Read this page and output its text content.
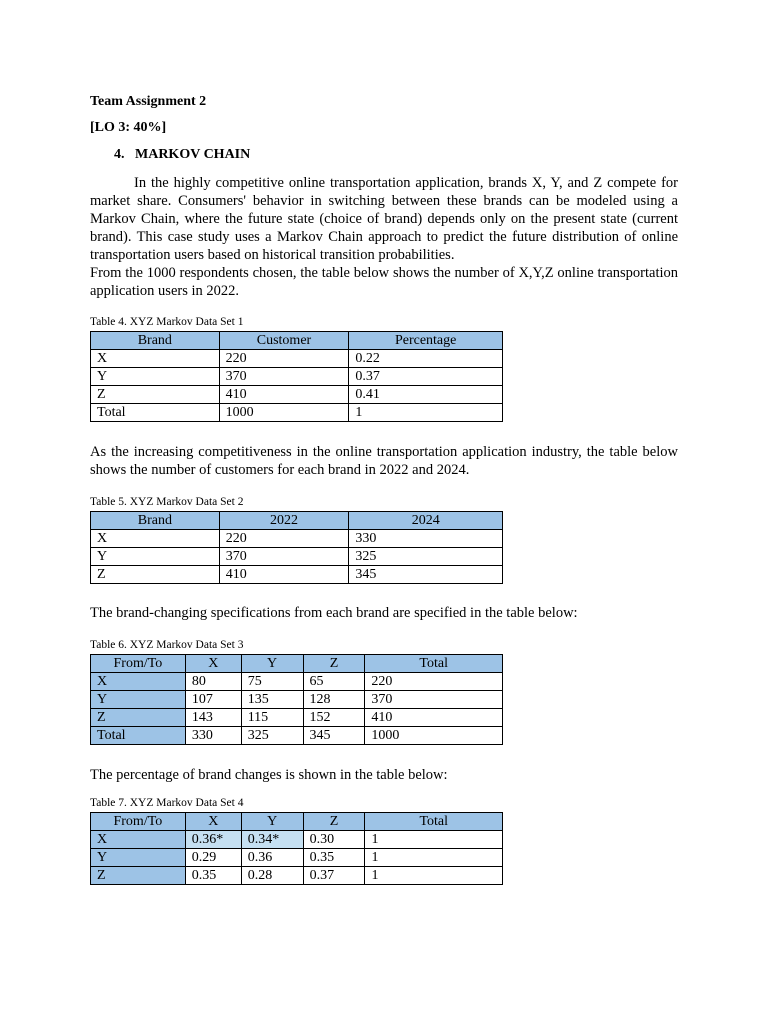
Team Assignment 2
[LO 3: 40%]
4. MARKOV CHAIN
In the highly competitive online transportation application, brands X, Y, and Z compete for market share. Consumers' behavior in switching between these brands can be modeled using a Markov Chain, where the future state (choice of brand) depends only on the present state (current brand). This case study uses a Markov Chain approach to predict the future distribution of online transportation users based on historical transition probabilities.
From the 1000 respondents chosen, the table below shows the number of X,Y,Z online transportation application users in 2022.
Table 4. XYZ Markov Data Set 1
Brand	Customer	Percentage
X	220	0.22
Y	370	0.37
Z	410	0.41
Total	1000	1
As the increasing competitiveness in the online transportation application industry, the table below shows the number of customers for each brand in 2022 and 2024.
Table 5. XYZ Markov Data Set 2
Brand	2022	2024
X	220	330
Y	370	325
Z	410	345
The brand-changing specifications from each brand are specified in the table below:
Table 6. XYZ Markov Data Set 3
From/To	X	Y	Z	Total
X	80	75	65	220
Y	107	135	128	370
Z	143	115	152	410
Total	330	325	345	1000
The percentage of brand changes is shown in the table below:
Table 7. XYZ Markov Data Set 4
From/To	X	Y	Z	Total
X	0.36*	0.34*	0.30	1
Y	0.29	0.36	0.35	1
Z	0.35	0.28	0.37	1
